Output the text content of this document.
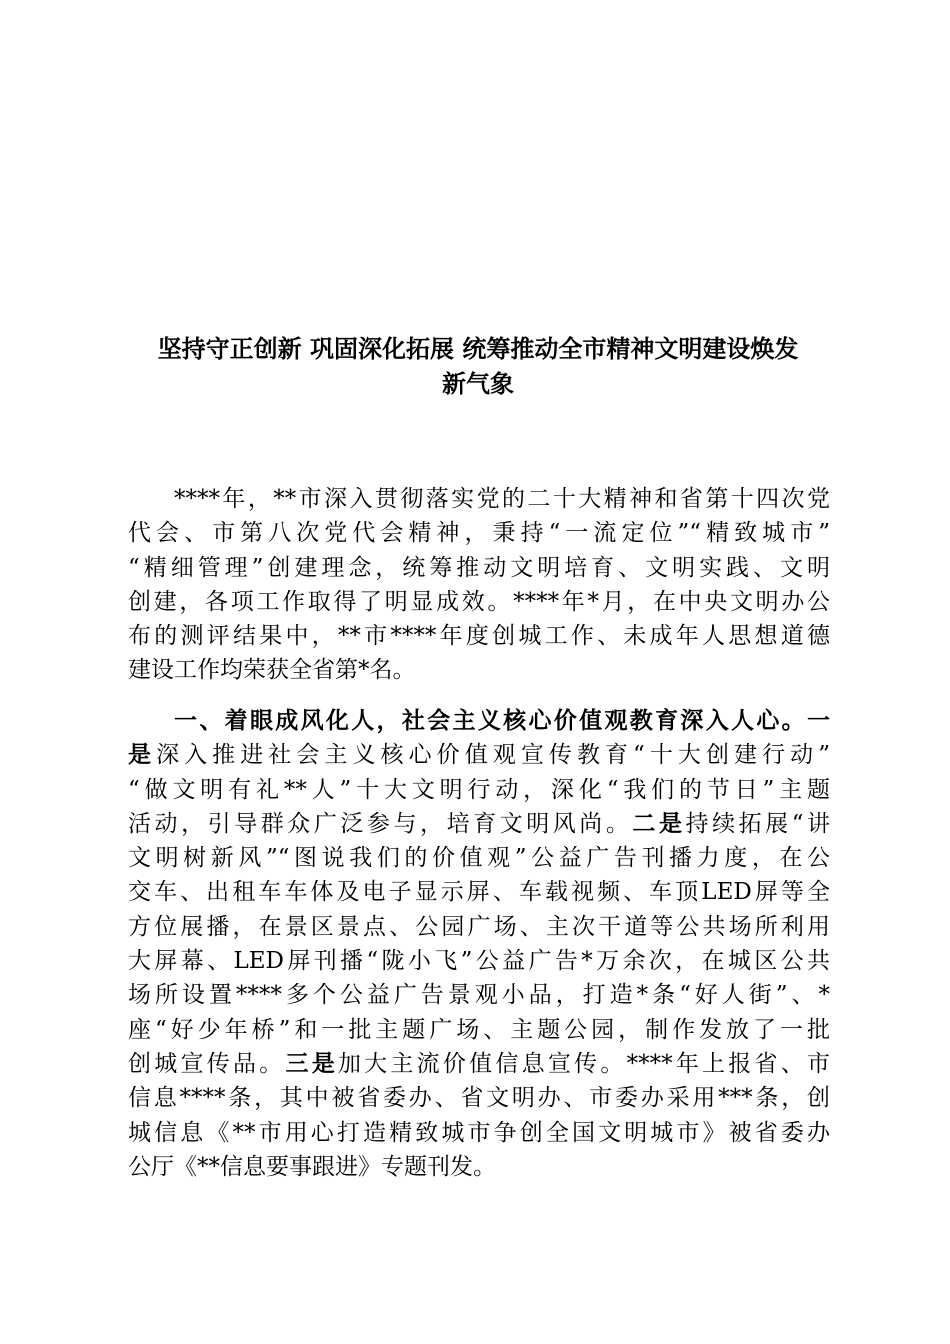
坚持守正创新 巩固深化拓展 统筹推动全市精神文明建设焕发
新气象
****年，**市深入贯彻落实党的二十大精神和省第十四次党
代会、市第八次党代会精神，秉持“一流定位”“精致城市”
“精细管理”创建理念，统筹推动文明培育、文明实践、文明
创建，各项工作取得了明显成效。****年*月，在中央文明办公
布的测评结果中，**市****年度创城工作、未成年人思想道德
建设工作均荣获全省第*名。
一、着眼成风化人，社会主义核心价值观教育深入人心。一
是深入推进社会主义核心价值观宣传教育“十大创建行动”
“做文明有礼**人”十大文明行动，深化“我们的节日”主题
活动，引导群众广泛参与，培育文明风尚。二是持续拓展“讲
文明树新风”“图说我们的价值观”公益广告刊播力度，在公
交车、出租车车体及电子显示屏、车载视频、车顶LED屏等全
方位展播，在景区景点、公园广场、主次干道等公共场所利用
大屏幕、LED屏刊播“陇小飞”公益广告*万余次，在城区公共
场所设置****多个公益广告景观小品，打造*条“好人街”、*
座“好少年桥”和一批主题广场、主题公园，制作发放了一批
创城宣传品。三是加大主流价值信息宣传。****年上报省、市
信息****条，其中被省委办、省文明办、市委办采用***条，创
城信息《**市用心打造精致城市争创全国文明城市》被省委办
公厅《**信息要事跟进》专题刊发。
